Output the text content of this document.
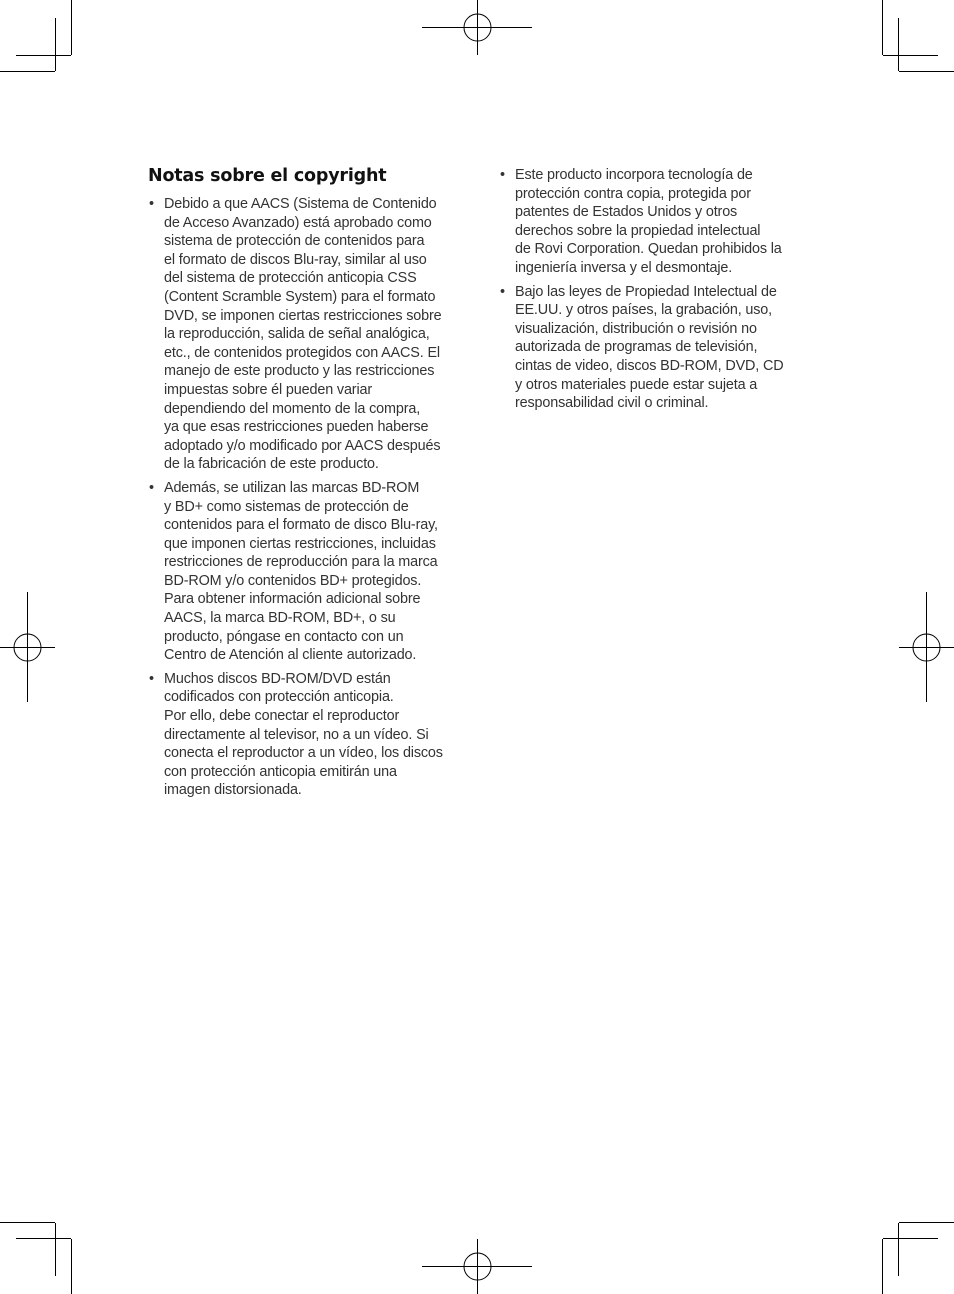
Notas sobre el copyright
• Debido a que AACS (Sistema de Contenido
de Acceso Avanzado) está aprobado como
sistema de protección de contenidos para
el formato de discos Blu-ray, similar al uso
del sistema de protección anticopia CSS
(Content Scramble System) para el formato
DVD, se imponen ciertas restricciones sobre
la reproducción, salida de señal analógica,
etc., de contenidos protegidos con AACS. El
manejo de este producto y las restricciones
impuestas sobre él pueden variar
dependiendo del momento de la compra,
ya que esas restricciones pueden haberse
adoptado y/o modificado por AACS después
de la fabricación de este producto.
• Además, se utilizan las marcas BD-ROM
y BD+ como sistemas de protección de
contenidos para el formato de disco Blu-ray,
que imponen ciertas restricciones, incluidas
restricciones de reproducción para la marca
BD-ROM y/o contenidos BD+ protegidos.
Para obtener información adicional sobre
AACS, la marca BD-ROM, BD+, o su
producto, póngase en contacto con un
Centro de Atención al cliente autorizado.
• Muchos discos BD-ROM/DVD están
codificados con protección anticopia.
Por ello, debe conectar el reproductor
directamente al televisor, no a un vídeo. Si
conecta el reproductor a un vídeo, los discos
con protección anticopia emitirán una
imagen distorsionada.
• Este producto incorpora tecnología de
protección contra copia, protegida por
patentes de Estados Unidos y otros
derechos sobre la propiedad intelectual
de Rovi Corporation. Quedan prohibidos la
ingeniería inversa y el desmontaje.
• Bajo las leyes de Propiedad Intelectual de
EE.UU. y otros países, la grabación, uso,
visualización, distribución o revisión no
autorizada de programas de televisión,
cintas de video, discos BD-ROM, DVD, CD
y otros materiales puede estar sujeta a
responsabilidad civil o criminal.
